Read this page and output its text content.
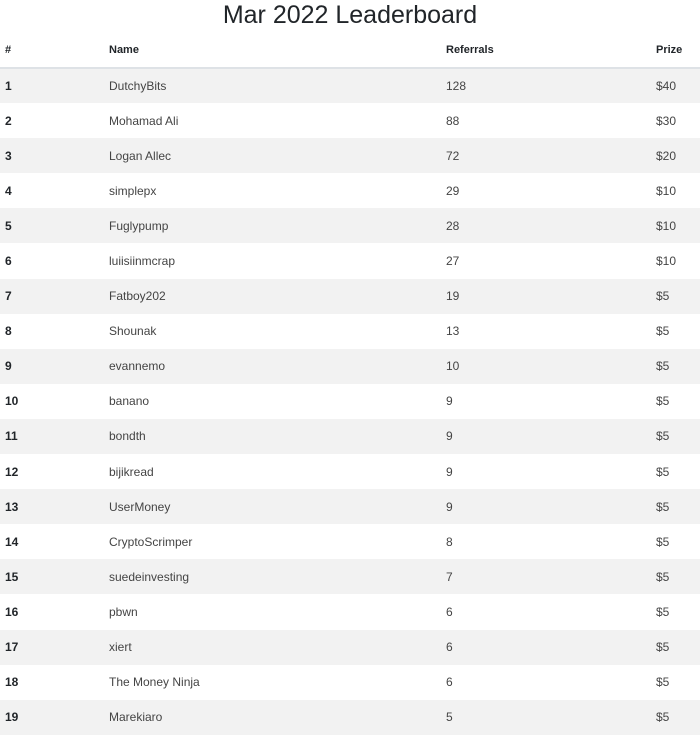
Mar 2022 Leaderboard
#	Name	Referrals	Prize
1	DutchyBits	128	$40
2	Mohamad Ali	88	$30
3	Logan Allec	72	$20
4	simplepx	29	$10
5	Fuglypump	28	$10
6	luiisiinmcrap	27	$10
7	Fatboy202	19	$5
8	Shounak	13	$5
9	evannemo	10	$5
10	banano	9	$5
11	bondth	9	$5
12	bijikread	9	$5
13	UserMoney	9	$5
14	CryptoScrimper	8	$5
15	suedeinvesting	7	$5
16	pbwn	6	$5
17	xiert	6	$5
18	The Money Ninja	6	$5
19	Marekiaro	5	$5
